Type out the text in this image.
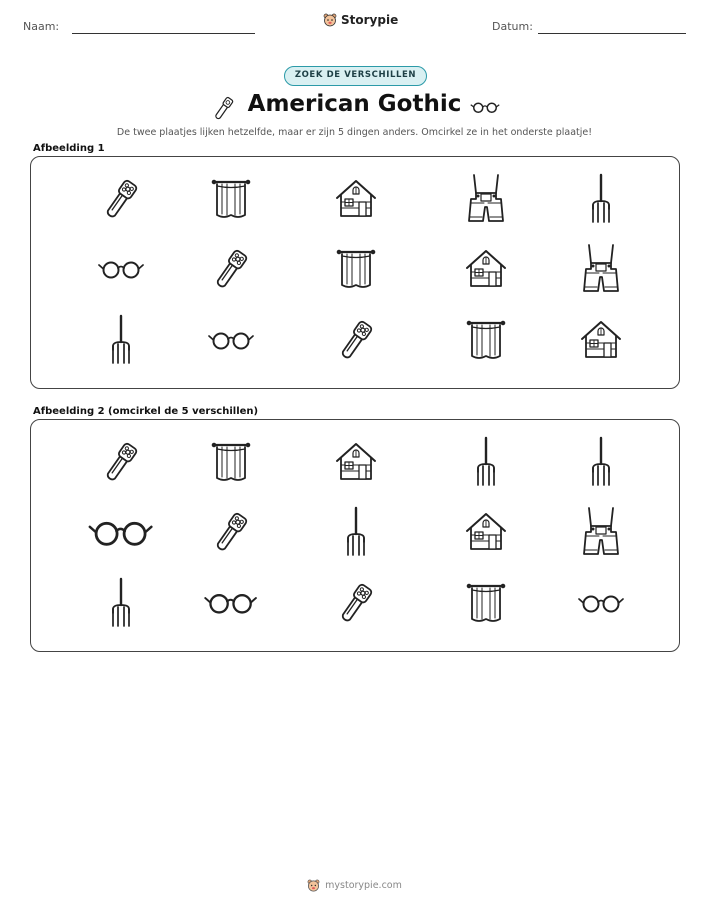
Naam:	Storypie	Datum:
ZOEK DE VERSCHILLEN
American Gothic
De twee plaatjes lijken hetzelfde, maar er zijn 5 dingen anders. Omcirkel ze in het onderste plaatje!
Afbeelding 1
Afbeelding 2 (omcirkel de 5 verschillen)
mystorypie.com
